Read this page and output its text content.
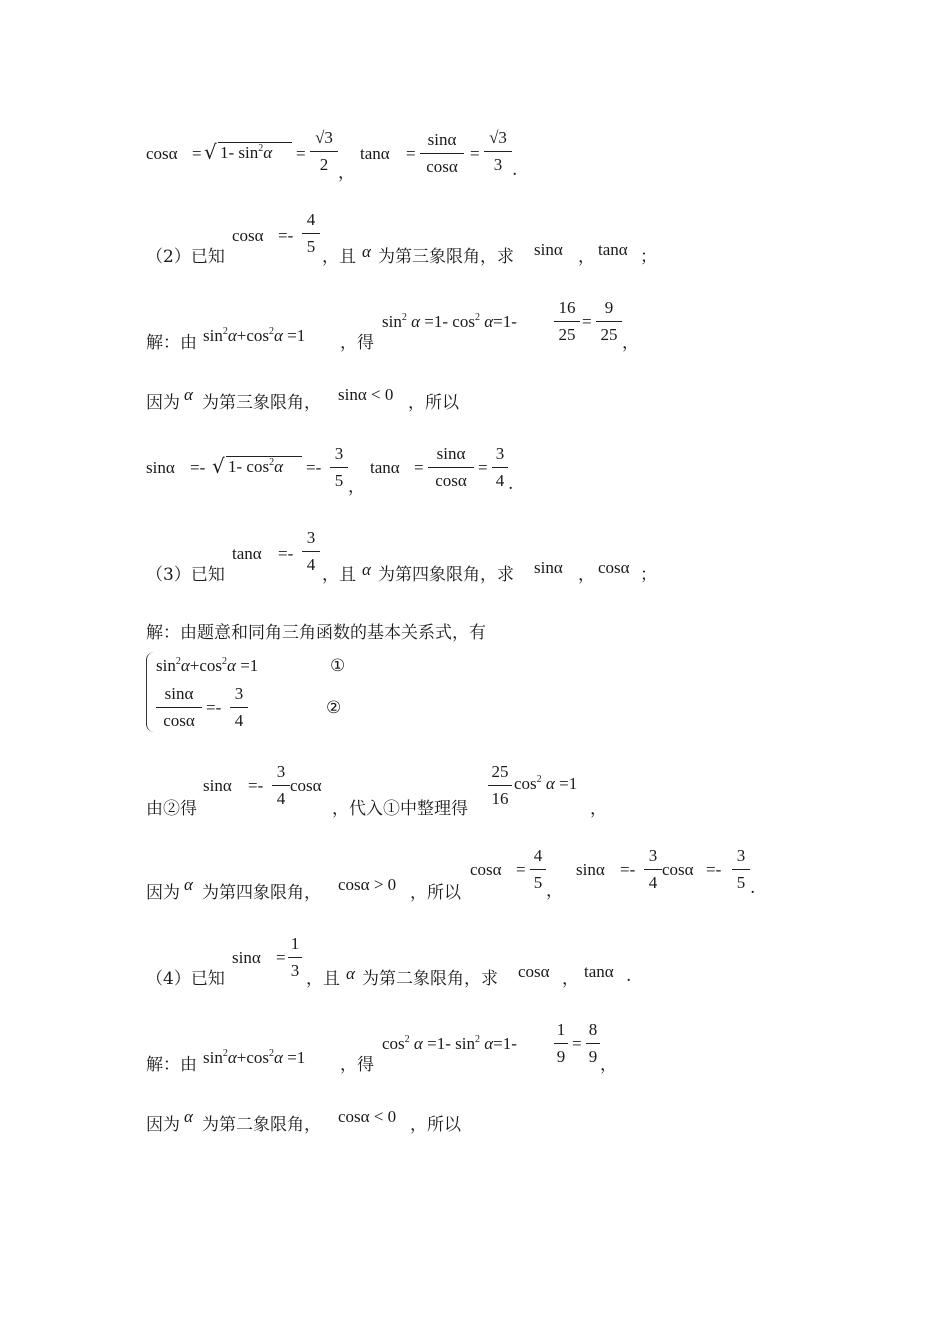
cosα = √ 1- $\sin^2\alpha$	=
√3
2 ，
tanα =
sinα
cosα
=
√3
3 .
（2）已知
cosα =-
4
5
，且 α 为第三象限角，求 sinα ， tanα ；
解：由 $\sin^2\alpha+\cos^2\alpha =1$ ，得
$\sin^2 \alpha =1-$ $\cos^2 \alpha=1-$
16
25
=
9
25 ，
因为 α 为第三象限角， sinα < 0 ，所以
sinα =- √ 1- $\cos^2\alpha$	=-
3
5 ，
tanα =
sinα
cosα
=
3
4 .
（3）已知
tanα =-
3
4
，且 α 为第四象限角，求 sinα ， cosα ；
解：由题意和同角三角函数的基本关系式，有
$\sin^2\alpha+\cos^2\alpha =1$	①
sinα
cosα
=-
3
4
②
由②得
sinα =-
3
4
cosα
，代入①中整理得
25
16
$\cos^2 \alpha =1$
，
因为 α 为第四象限角， cosα > 0 ，所以
cosα =
4
5 ，
sinα =-
3
4
cosα =-
3
5 .
（4）已知
sinα =
1
3 ，且 α 为第二象限角，求 cosα ， tanα .
解：由 $\sin^2\alpha+\cos^2\alpha =1$ ，得
$\cos^2 \alpha =1-$ $\sin^2 \alpha=1-$
1
9
=
8
9 ，
因为 α 为第二象限角， cosα < 0 ，所以
